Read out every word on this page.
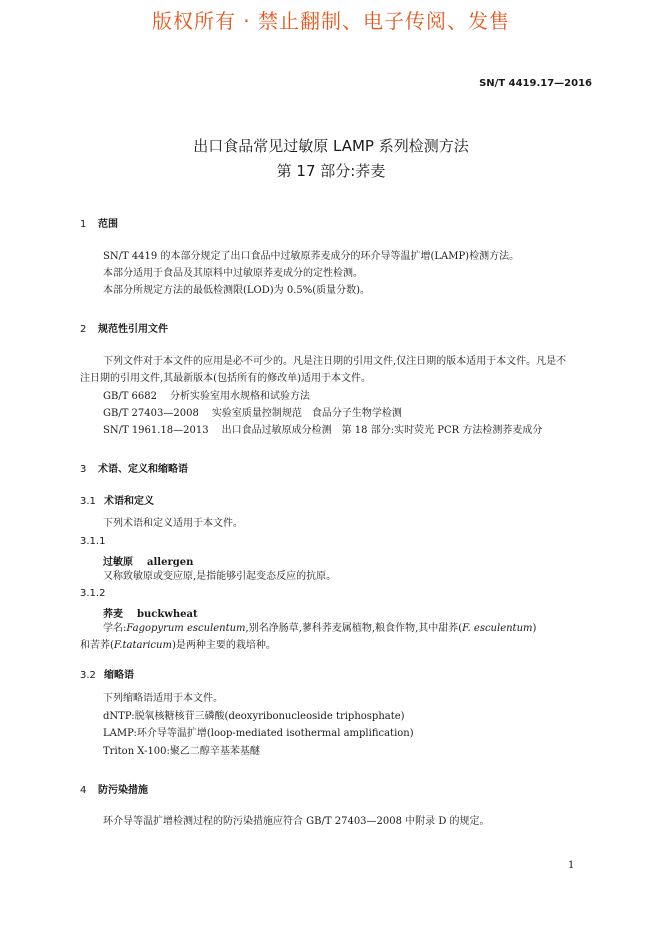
版权所有 · 禁止翻制、电子传阅、发售
SN/T 4419.17—2016
出口食品常见过敏原 LAMP 系列检测方法
第 17 部分:荞麦
1 范围
SN/T 4419 的本部分规定了出口食品中过敏原荞麦成分的环介导等温扩增(LAMP)检测方法。
本部分适用于食品及其原料中过敏原荞麦成分的定性检测。
本部分所规定方法的最低检测限(LOD)为 0.5%(质量分数)。
2 规范性引用文件
下列文件对于本文件的应用是必不可少的。凡是注日期的引用文件,仅注日期的版本适用于本文件。凡是不注日期的引用文件,其最新版本(包括所有的修改单)适用于本文件。
GB/T 6682 分析实验室用水规格和试验方法
GB/T 27403—2008 实验室质量控制规范　食品分子生物学检测
SN/T 1961.18—2013 出口食品过敏原成分检测　第 18 部分:实时荧光 PCR 方法检测荞麦成分
3 术语、定义和缩略语
3.1 术语和定义
下列术语和定义适用于本文件。
3.1.1
过敏原 allergen
又称致敏原或变应原,是指能够引起变态反应的抗原。
3.1.2
荞麦 buckwheat
学名:Fagopyrum esculentum,别名净肠草,蓼科荞麦属植物,粮食作物,其中甜荞(F. esculentum)
和苦荞(F.tataricum)是两种主要的栽培种。
3.2 缩略语
下列缩略语适用于本文件。
dNTP:脱氧核糖核苷三磷酸(deoxyribonucleoside triphosphate)
LAMP:环介导等温扩增(loop-mediated isothermal amplification)
Triton X-100:聚乙二醇辛基苯基醚
4 防污染措施
环介导等温扩增检测过程的防污染措施应符合 GB/T 27403—2008 中附录 D 的规定。
1
